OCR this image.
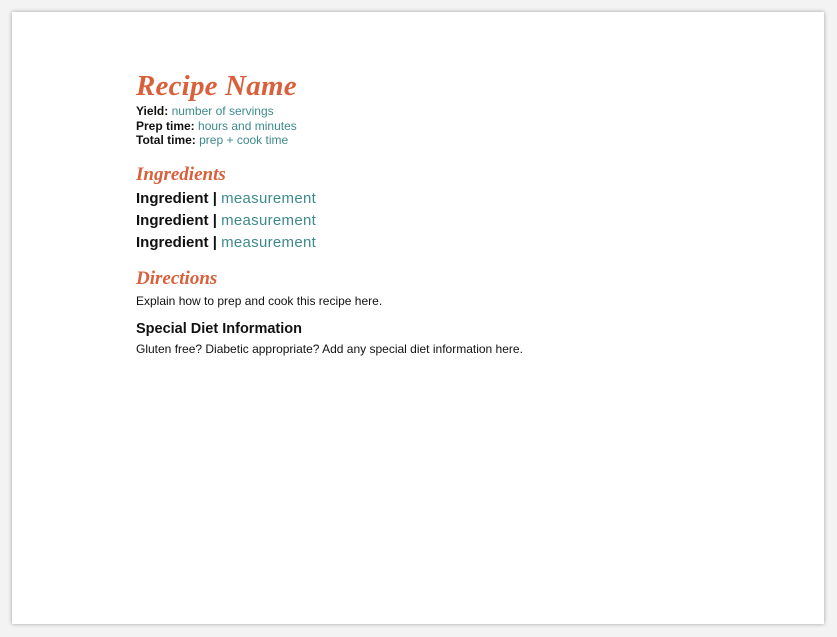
Recipe Name
Yield: number of servings
Prep time: hours and minutes
Total time: prep + cook time
Ingredients
Ingredient | measurement
Ingredient | measurement
Ingredient | measurement
Directions
Explain how to prep and cook this recipe here.
Special Diet Information
Gluten free? Diabetic appropriate? Add any special diet information here.
